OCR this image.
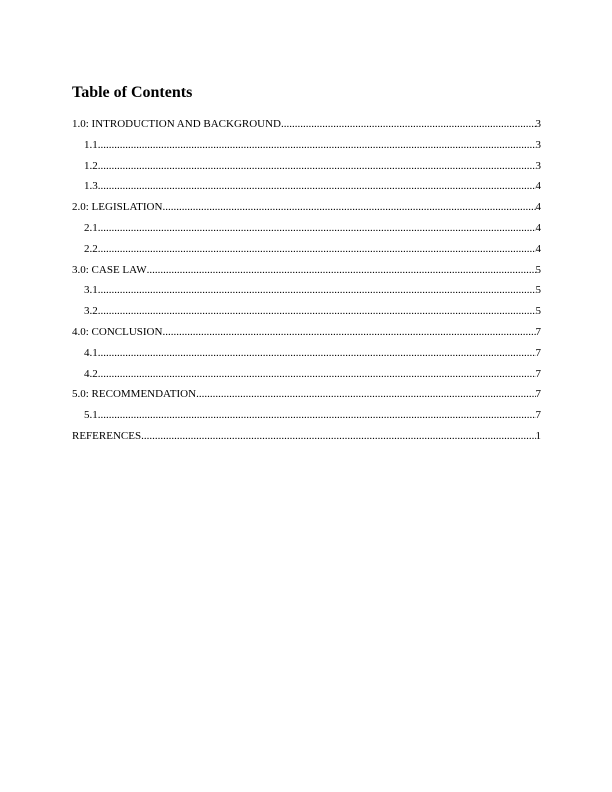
Table of Contents
1.0: INTRODUCTION AND BACKGROUND .....	3
1.1 .....	3
1.2 .....	3
1.3 .....	4
2.0: LEGISLATION .....	4
2.1 .....	4
2.2 .....	4
3.0: CASE LAW .....	5
3.1 .....	5
3.2 .....	5
4.0: CONCLUSION .....	7
4.1 .....	7
4.2 .....	7
5.0: RECOMMENDATION .....	7
5.1 .....	7
REFERENCES .....	1
